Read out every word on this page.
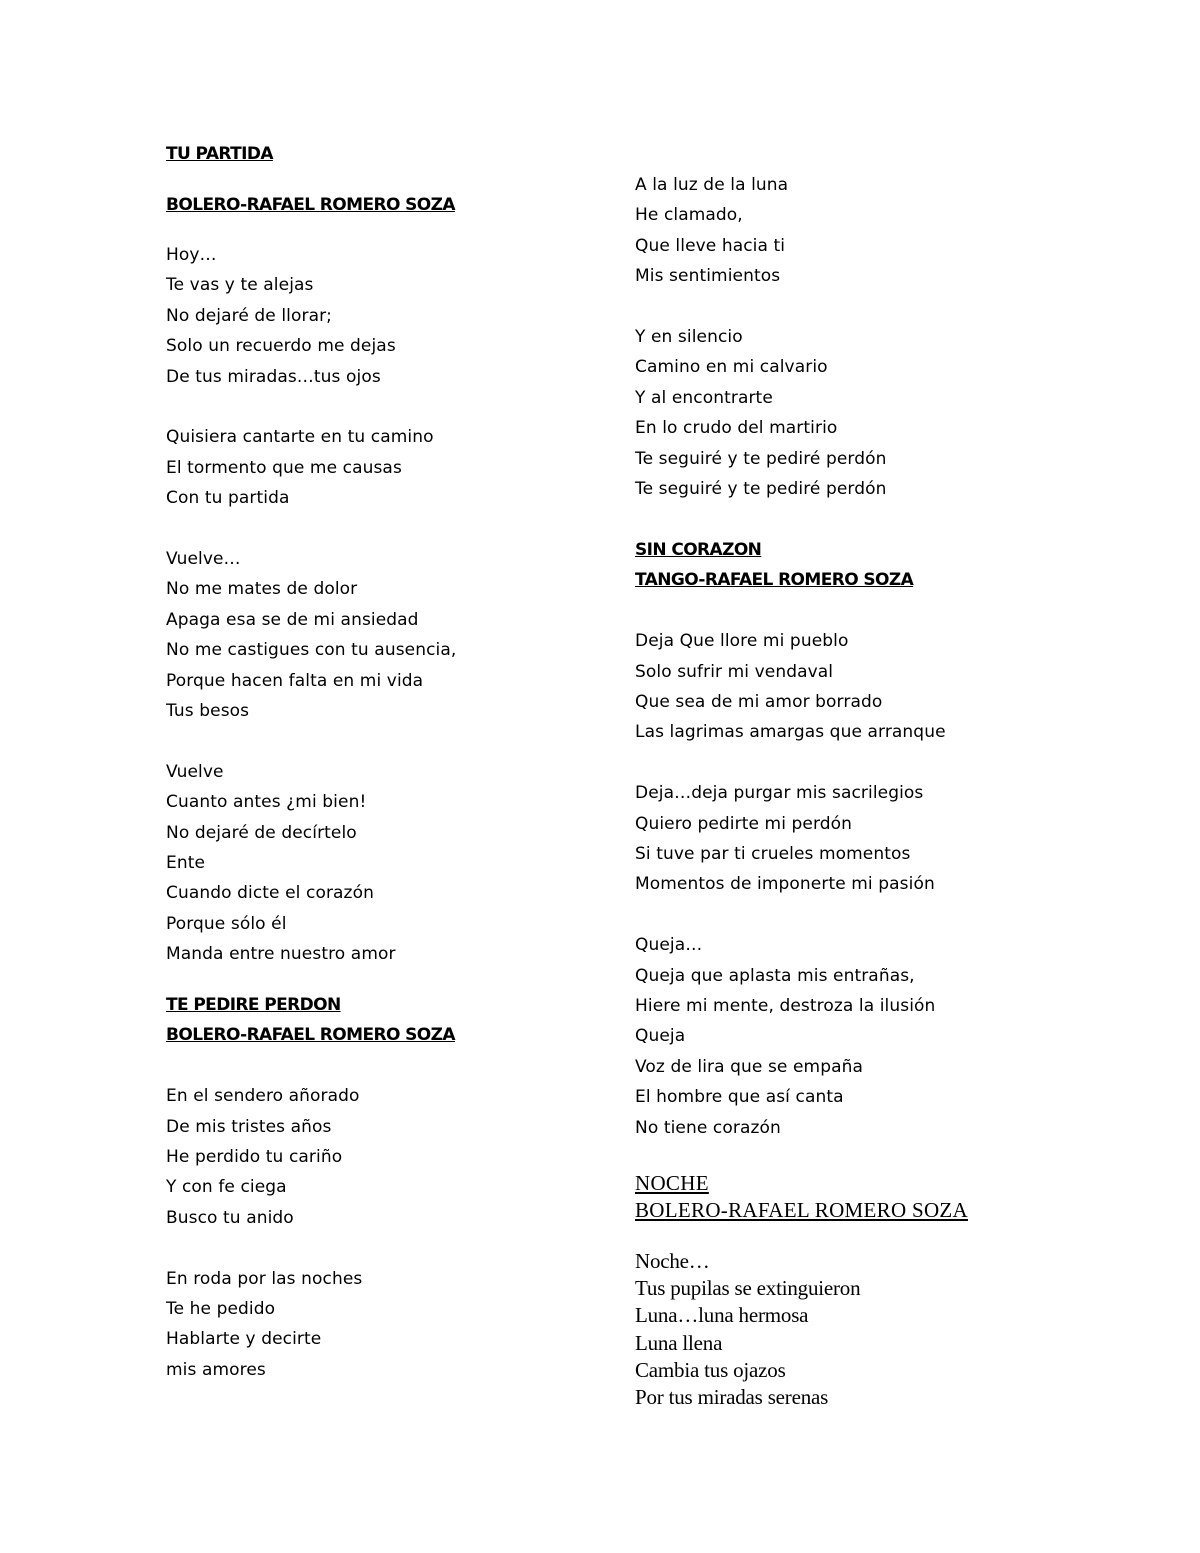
TU PARTIDA
BOLERO-RAFAEL ROMERO SOZA
Hoy…
Te vas y te alejas
No dejaré de llorar;
Solo un recuerdo me dejas
De tus miradas…tus ojos
Quisiera cantarte en tu camino
El tormento que me causas
Con tu partida
Vuelve…
No me mates de dolor
Apaga esa se de mi ansiedad
No me castigues con tu ausencia,
Porque hacen falta en mi vida
Tus besos
Vuelve
Cuanto antes ¿mi bien!
No dejaré de decírtelo
Ente
Cuando dicte el corazón
Porque sólo él
Manda entre nuestro amor
TE PEDIRE PERDON
BOLERO-RAFAEL ROMERO SOZA
En el sendero añorado
De mis tristes años
He perdido tu cariño
Y con fe ciega
Busco tu anido
En roda por las noches
Te he pedido
Hablarte y decirte
mis amores
A la luz de la luna
He clamado,
Que lleve hacia ti
Mis sentimientos
Y en silencio
Camino en mi calvario
Y al encontrarte
En lo crudo del martirio
Te seguiré y te pediré perdón
Te seguiré y te pediré perdón
SIN CORAZON
TANGO-RAFAEL ROMERO SOZA
Deja Que llore mi pueblo
Solo sufrir mi vendaval
Que sea de mi amor borrado
Las lagrimas amargas que arranque
Deja…deja purgar mis sacrilegios
Quiero pedirte mi perdón
Si tuve par ti crueles momentos
Momentos de imponerte mi pasión
Queja…
Queja que aplasta mis entrañas,
Hiere mi mente, destroza la ilusión
Queja
Voz de lira que se empaña
El hombre que así canta
No tiene corazón
NOCHE
BOLERO-RAFAEL ROMERO SOZA
Noche…
Tus pupilas se extinguieron
Luna…luna hermosa
Luna llena
Cambia tus ojazos
Por tus miradas serenas
